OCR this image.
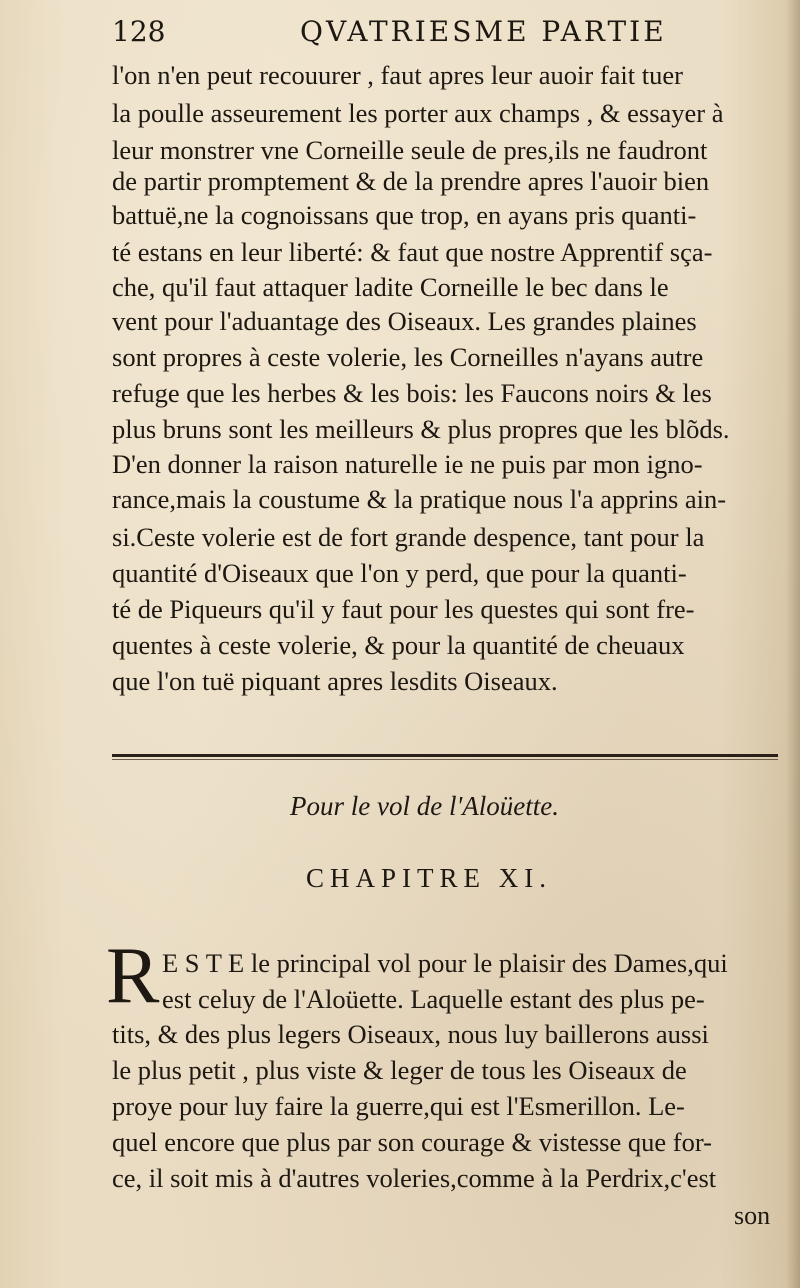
128	QVATRIESME PARTIE
l'on n'en peut recouurer , faut apres leur auoir fait tuer
la poulle asseurement les porter aux champs , & essayer à
leur monstrer vne Corneille seule de pres,ils ne faudront
de partir promptement & de la prendre apres l'auoir bien
battuë,ne la cognoissans que trop, en ayans pris quanti-
té estans en leur liberté: & faut que nostre Apprentif sça-
che, qu'il faut attaquer ladite Corneille le bec dans le
vent pour l'aduantage des Oiseaux. Les grandes plaines
sont propres à ceste volerie, les Corneilles n'ayans autre
refuge que les herbes & les bois: les Faucons noirs & les
plus bruns sont les meilleurs & plus propres que les blõds.
D'en donner la raison naturelle ie ne puis par mon igno-
rance,mais la coustume & la pratique nous l'a apprins ain-
si.Ceste volerie est de fort grande despence, tant pour la
quantité d'Oiseaux que l'on y perd, que pour la quanti-
té de Piqueurs qu'il y faut pour les questes qui sont fre-
quentes à ceste volerie, & pour la quantité de cheuaux
que l'on tuë piquant apres lesdits Oiseaux.
Pour le vol de l'Aloüette.
CHAPITRE XI.
R E S T E le principal vol pour le plaisir des Dames,qui
est celuy de l'Aloüette. Laquelle estant des plus pe-
tits, & des plus legers Oiseaux, nous luy baillerons aussi
le plus petit , plus viste & leger de tous les Oiseaux de
proye pour luy faire la guerre,qui est l'Esmerillon. Le-
quel encore que plus par son courage & vistesse que for-
ce, il soit mis à d'autres voleries,comme à la Perdrix,c'est
son
